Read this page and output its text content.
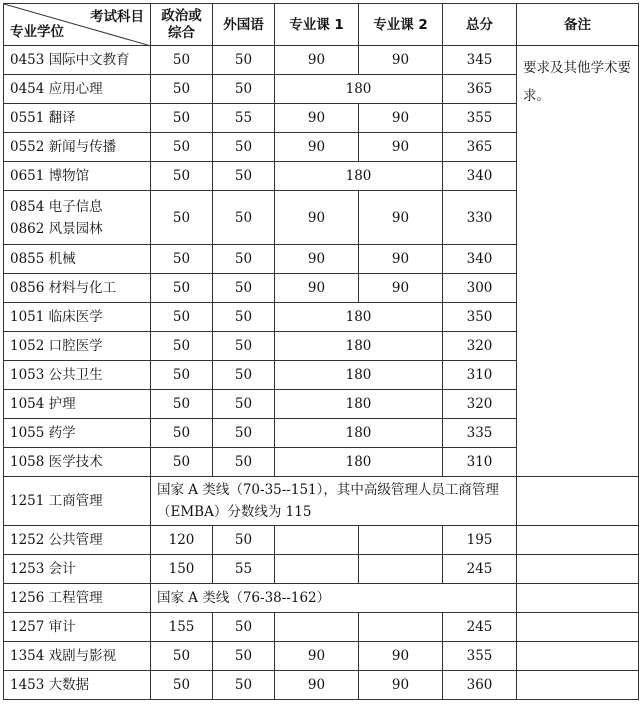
考试科目
专业学位	政治或综合	外国语	专业课 1	专业课 2	总分	备注
0453 国际中文教育	50	50	90	90	345	要求及其他学术要求。
0454 应用心理	50	50	180		365	
0551 翻译	50	55	90	90	355	
0552 新闻与传播	50	50	90	90	365	
0651 博物馆	50	50	180		340	

0854 电子信息
0862 风景园林	50	50	90	90	330	
0855 机械	50	50	90	90	340	
0856 材料与化工	50	50	90	90	300	
1051 临床医学	50	50	180		350	
1052 口腔医学	50	50	180		320	
1053 公共卫生	50	50	180		310	
1054 护理	50	50	180		320	
1055 药学	50	50	180		335	
1058 医学技术	50	50	180		310	
1251 工商管理	国家 A 类线（70-35--151），其中高级管理人员工商管理（EMBA）分数线为 115					
1252 公共管理	120	50			195	
1253 会计	150	55			245	
1256 工程管理	国家 A 类线（76-38--162）					
1257 审计	155	50			245	
1354 戏剧与影视	50	50	90	90	355	
1453 大数据	50	50	90	90	360	
